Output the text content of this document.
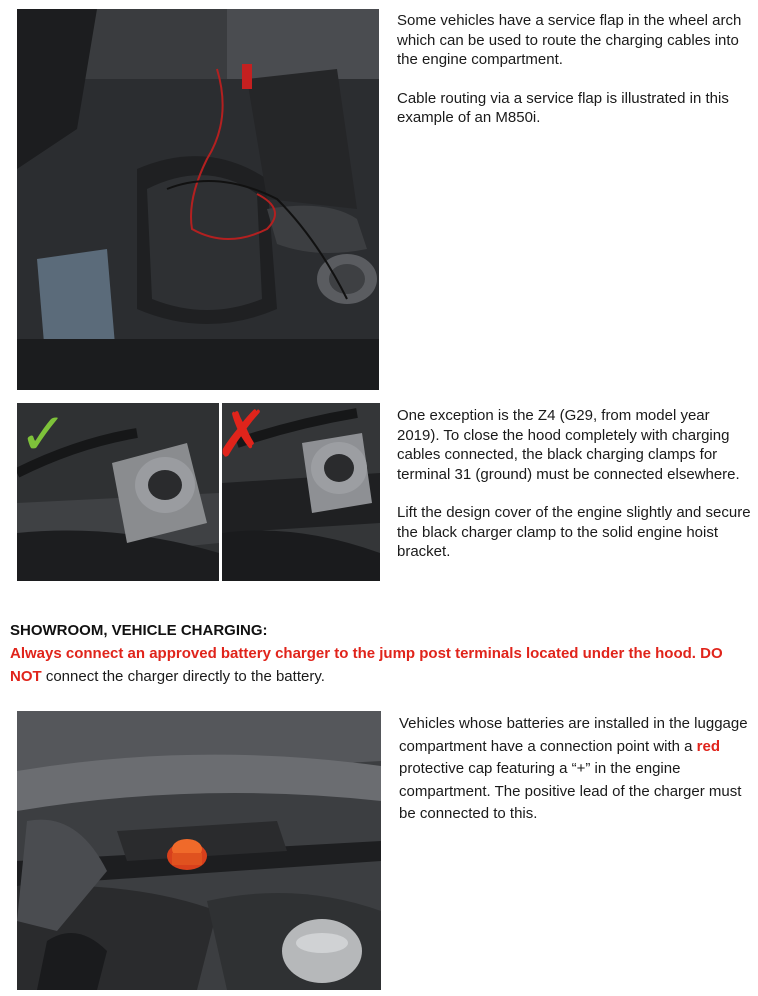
Some vehicles have a service flap in the wheel arch which can be used to route the charging cables into the engine compartment.
Cable routing via a service flap is illustrated in this example of an M850i.

✓ ✗	One exception is the Z4 (G29, from model year 2019). To close the hood completely with charging cables connected, the black charging clamps for terminal 31 (ground) must be connected elsewhere.
Lift the design cover of the engine slightly and secure the black charger clamp to the solid engine hoist bracket.

SHOWROOM, VEHICLE CHARGING:

Always connect an approved battery charger to the jump post terminals located under the hood. DO NOT connect the charger directly to the battery.

Vehicles whose batteries are installed in the luggage compartment have a connection point with a red protective cap featuring a “+” in the engine compartment. The positive lead of the charger must be connected to this.
